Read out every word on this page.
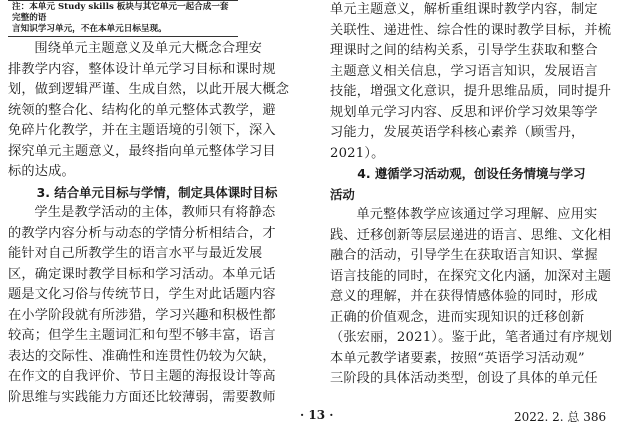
注：本单元 Study skills 板块与其它单元一起合成一套完整的语
言知识学习单元，不在本单元日标呈现。
围绕单元主题意义及单元大概念合理安
排教学内容，整体设计单元学习目标和课时规
划，做到逻辑严谨、生成自然，以此开展大概念
统领的整合化、结构化的单元整体式教学，避
免碎片化教学，并在主题语境的引领下，深入
探究单元主题意义，最终指向单元整体学习目
标的达成。
3. 结合单元目标与学情，制定具体课时目标
学生是教学活动的主体，教师只有将静态
的教学内容分析与动态的学情分析相结合，才
能针对自己所教学生的语言水平与最近发展
区，确定课时教学目标和学习活动。本单元话
题是文化习俗与传统节日，学生对此话题内容
在小学阶段就有所涉猎，学习兴趣和积极性都
较高；但学生主题词汇和句型不够丰富，语言
表达的交际性、准确性和连贯性仍较为欠缺，
在作文的自我评价、节日主题的海报设计等高
阶思维与实践能力方面还比较薄弱，需要教师
单元主题意义，解析重组课时教学内容，制定
关联性、递进性、综合性的课时教学目标，并梳
理课时之间的结构关系，引导学生获取和整合
主题意义相关信息，学习语言知识，发展语言
技能，增强文化意识，提升思维品质，同时提升
规划单元学习内容、反思和评价学习效果等学
习能力，发展英语学科核心素养（顾雪丹，
2021）。
4. 遵循学习活动观，创设任务情境与学习
活动
单元整体教学应该通过学习理解、应用实
践、迁移创新等层层递进的语言、思维、文化相
融合的活动，引导学生在获取语言知识、掌握
语言技能的同时，在探究文化内涵，加深对主题
意义的理解，并在获得情感体验的同时，形成
正确的价值观念，进而实现知识的迁移创新
（张宏丽，2021）。鉴于此，笔者通过有序规划
本单元教学诸要素，按照“英语学习活动观”
三阶段的具体活动类型，创设了具体的单元任
· 13 ·	2022. 2. 总 386
